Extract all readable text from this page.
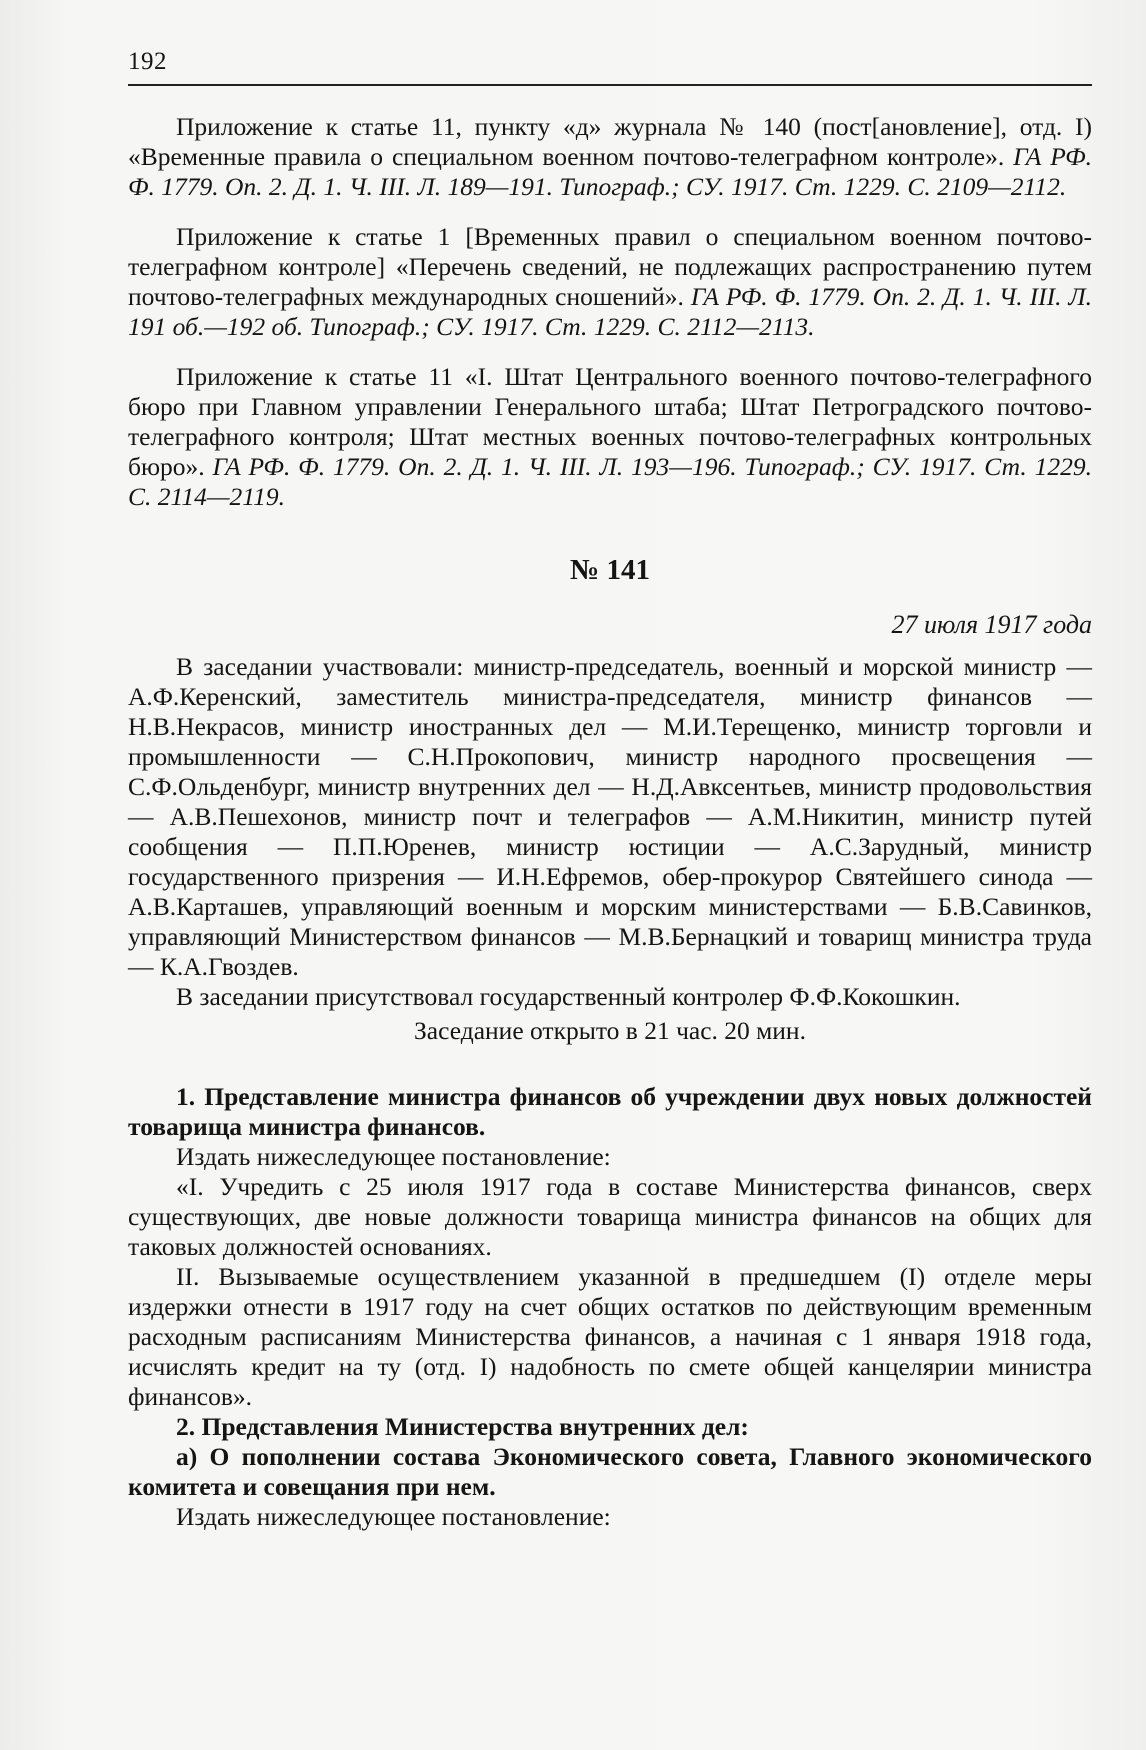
192

Приложение к статье 11, пункту «д» журнала № 140 (пост[ановление], отд. I) «Временные правила о специальном военном почтово-телеграфном контроле». ГА РФ. Ф. 1779. Оп. 2. Д. 1. Ч. III. Л. 189—191. Типограф.; СУ. 1917. Ст. 1229. С. 2109—2112.

Приложение к статье 1 [Временных правил о специальном военном почтово-телеграфном контроле] «Перечень сведений, не подлежащих распространению путем почтово-телеграфных международных сношений». ГА РФ. Ф. 1779. Оп. 2. Д. 1. Ч. III. Л. 191 об.—192 об. Типограф.; СУ. 1917. Ст. 1229. С. 2112—2113.

Приложение к статье 11 «I. Штат Центрального военного почтово-телеграфного бюро при Главном управлении Генерального штаба; Штат Петроградского почтово-телеграфного контроля; Штат местных военных почтово-телеграфных контрольных бюро». ГА РФ. Ф. 1779. Оп. 2. Д. 1. Ч. III. Л. 193—196. Типограф.; СУ. 1917. Ст. 1229. С. 2114—2119.

№ 141
27 июля 1917 года

В заседании участвовали: министр-председатель, военный и морской министр — А.Ф.Керенский, заместитель министра-председателя, министр финансов — Н.В.Некрасов, министр иностранных дел — М.И.Терещенко, министр торговли и промышленности — С.Н.Прокопович, министр народного просвещения — С.Ф.Ольденбург, министр внутренних дел — Н.Д.Авксентьев, министр продовольствия — А.В.Пешехонов, министр почт и телеграфов — А.М.Никитин, министр путей сообщения — П.П.Юренев, министр юстиции — А.С.Зарудный, министр государственного призрения — И.Н.Ефремов, обер-прокурор Святейшего синода — А.В.Карташев, управляющий военным и морским министерствами — Б.В.Савинков, управляющий Министерством финансов — М.В.Бернацкий и товарищ министра труда — К.А.Гвоздев.

В заседании присутствовал государственный контролер Ф.Ф.Кокошкин.

Заседание открыто в 21 час. 20 мин.

1. Представление министра финансов об учреждении двух новых должностей товарища министра финансов.

Издать нижеследующее постановление:

«I. Учредить с 25 июля 1917 года в составе Министерства финансов, сверх существующих, две новые должности товарища министра финансов на общих для таковых должностей основаниях.

II. Вызываемые осуществлением указанной в предшедшем (I) отделе меры издержки отнести в 1917 году на счет общих остатков по действующим временным расходным расписаниям Министерства финансов, а начиная с 1 января 1918 года, исчислять кредит на ту (отд. I) надобность по смете общей канцелярии министра финансов».

2. Представления Министерства внутренних дел:

а) О пополнении состава Экономического совета, Главного экономического комитета и совещания при нем.

Издать нижеследующее постановление:
